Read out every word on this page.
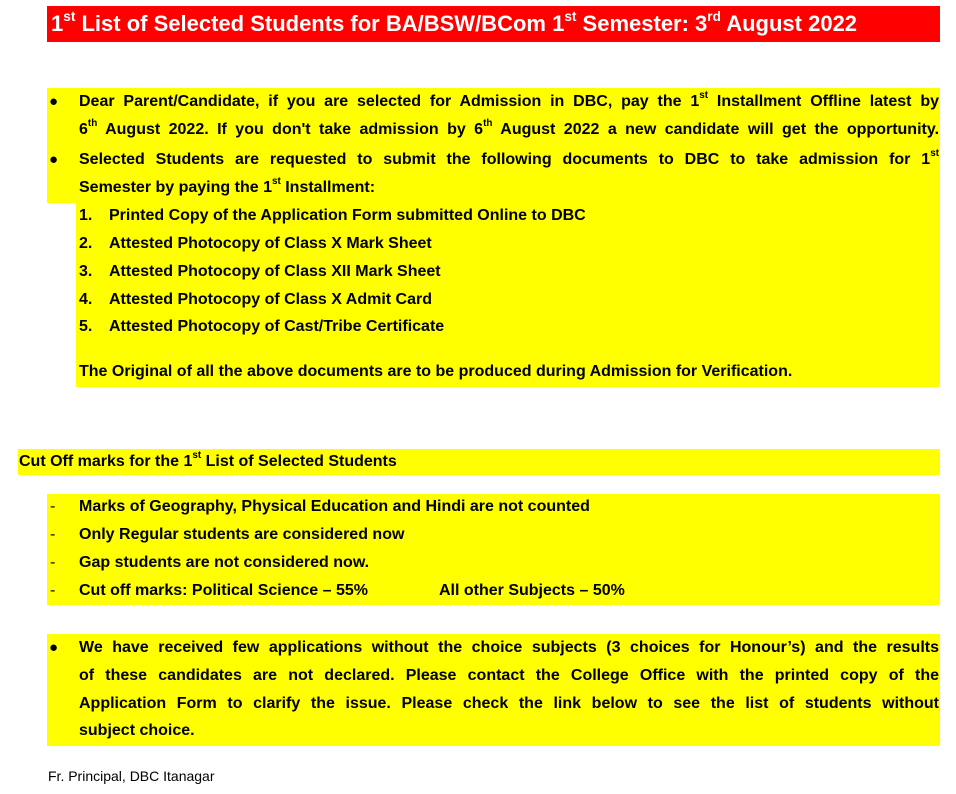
1st List of Selected Students for BA/BSW/BCom 1st Semester: 3rd August 2022
● Dear Parent/Candidate, if you are selected for Admission in DBC, pay the 1st Installment Offline latest by
6th August 2022. If you don't take admission by 6th August 2022 a new candidate will get the opportunity.
● Selected Students are requested to submit the following documents to DBC to take admission for 1st
Semester by paying the 1st Installment:
1. Printed Copy of the Application Form submitted Online to DBC
2. Attested Photocopy of Class X Mark Sheet
3. Attested Photocopy of Class XII Mark Sheet
4. Attested Photocopy of Class X Admit Card
5. Attested Photocopy of Cast/Tribe Certificate
The Original of all the above documents are to be produced during Admission for Verification.
Cut Off marks for the 1st List of Selected Students
- Marks of Geography, Physical Education and Hindi are not counted
- Only Regular students are considered now
- Gap students are not considered now.
- Cut off marks: Political Science – 55%	All other Subjects – 50%
● We have received few applications without the choice subjects (3 choices for Honour’s) and the results
of these candidates are not declared. Please contact the College Office with the printed copy of the
Application Form to clarify the issue. Please check the link below to see the list of students without
subject choice.
Fr. Principal, DBC Itanagar
